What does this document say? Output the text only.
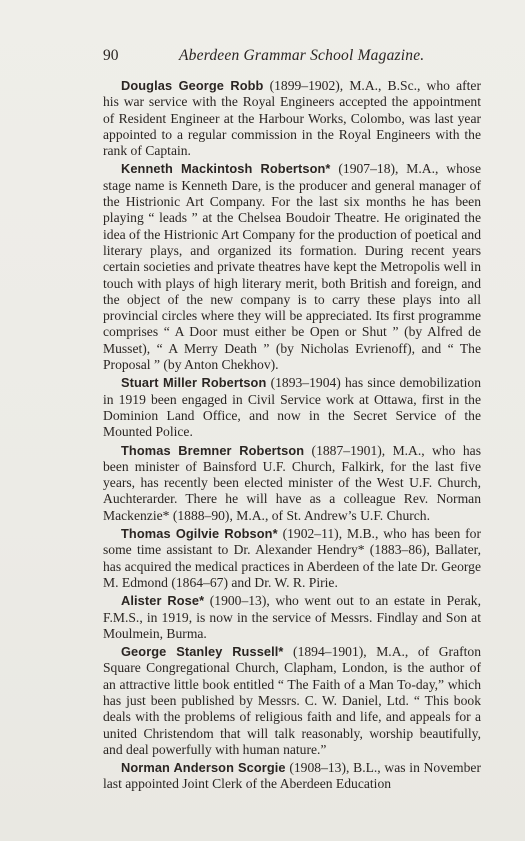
90	Aberdeen Grammar School Magazine.

Douglas George Robb (1899–1902), M.A., B.Sc., who after his war service with the Royal Engineers accepted the appointment of Resident Engineer at the Harbour Works, Colombo, was last year appointed to a regular commission in the Royal Engineers with the rank of Captain.

Kenneth Mackintosh Robertson* (1907–18), M.A., whose stage name is Kenneth Dare, is the producer and general manager of the Histrionic Art Company. For the last six months he has been playing “ leads ” at the Chelsea Boudoir Theatre. He originated the idea of the Histrionic Art Company for the production of poetical and literary plays, and organized its formation. During recent years certain societies and private theatres have kept the Metropolis well in touch with plays of high literary merit, both British and foreign, and the object of the new company is to carry these plays into all provincial circles where they will be appreciated. Its first programme comprises “ A Door must either be Open or Shut ” (by Alfred de Musset), “ A Merry Death ” (by Nicholas Evrienoff), and “ The Proposal ” (by Anton Chekhov).

Stuart Miller Robertson (1893–1904) has since demobilization in 1919 been engaged in Civil Service work at Ottawa, first in the Dominion Land Office, and now in the Secret Service of the Mounted Police.

Thomas Bremner Robertson (1887–1901), M.A., who has been minister of Bainsford U.F. Church, Falkirk, for the last five years, has recently been elected minister of the West U.F. Church, Auchterarder. There he will have as a colleague Rev. Norman Mackenzie* (1888–90), M.A., of St. Andrew’s U.F. Church.

Thomas Ogilvie Robson* (1902–11), M.B., who has been for some time assistant to Dr. Alexander Hendry* (1883–86), Ballater, has acquired the medical practices in Aberdeen of the late Dr. George M. Edmond (1864–67) and Dr. W. R. Pirie.

Alister Rose* (1900–13), who went out to an estate in Perak, F.M.S., in 1919, is now in the service of Messrs. Findlay and Son at Moulmein, Burma.

George Stanley Russell* (1894–1901), M.A., of Grafton Square Congregational Church, Clapham, London, is the author of an attractive little book entitled “ The Faith of a Man To-day,” which has just been published by Messrs. C. W. Daniel, Ltd. “ This book deals with the problems of religious faith and life, and appeals for a united Christendom that will talk reasonably, worship beautifully, and deal powerfully with human nature.”

Norman Anderson Scorgie (1908–13), B.L., was in November last appointed Joint Clerk of the Aberdeen Education
